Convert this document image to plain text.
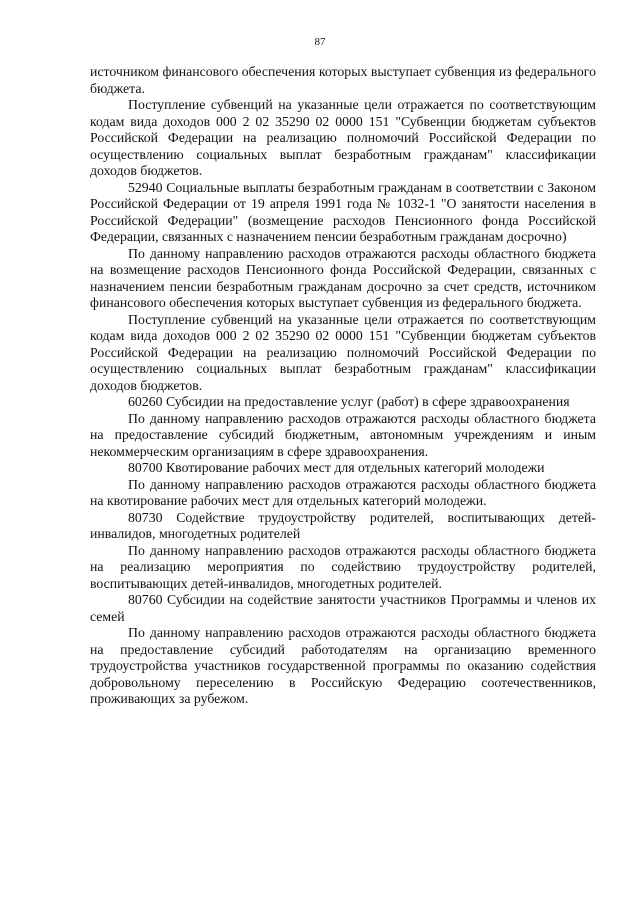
87

источником финансового обеспечения которых выступает субвенция из федерального бюджета.

Поступление субвенций на указанные цели отражается по соответствующим кодам вида доходов 000 2 02 35290 02 0000 151 "Субвенции бюджетам субъектов Российской Федерации на реализацию полномочий Российской Федерации по осуществлению социальных выплат безработным гражданам" классификации доходов бюджетов.

52940 Социальные выплаты безработным гражданам в соответствии с Законом Российской Федерации от 19 апреля 1991 года № 1032-1 "О занятости населения в Российской Федерации" (возмещение расходов Пенсионного фонда Российской Федерации, связанных с назначением пенсии безработным гражданам досрочно)

По данному направлению расходов отражаются расходы областного бюджета на возмещение расходов Пенсионного фонда Российской Федерации, связанных с назначением пенсии безработным гражданам досрочно за счет средств, источником финансового обеспечения которых выступает субвенция из федерального бюджета.

Поступление субвенций на указанные цели отражается по соответствующим кодам вида доходов 000 2 02 35290 02 0000 151 "Субвенции бюджетам субъектов Российской Федерации на реализацию полномочий Российской Федерации по осуществлению социальных выплат безработным гражданам" классификации доходов бюджетов.

60260 Субсидии на предоставление услуг (работ) в сфере здравоохранения

По данному направлению расходов отражаются расходы областного бюджета на предоставление субсидий бюджетным, автономным учреждениям и иным некоммерческим организациям в сфере здравоохранения.

80700 Квотирование рабочих мест для отдельных категорий молодежи

По данному направлению расходов отражаются расходы областного бюджета на квотирование рабочих мест для отдельных категорий молодежи.

80730 Содействие трудоустройству родителей, воспитывающих детей-инвалидов, многодетных родителей

По данному направлению расходов отражаются расходы областного бюджета на реализацию мероприятия по содействию трудоустройству родителей, воспитывающих детей-инвалидов, многодетных родителей.

80760 Субсидии на содействие занятости участников Программы и членов их семей

По данному направлению расходов отражаются расходы областного бюджета на предоставление субсидий работодателям на организацию временного трудоустройства участников государственной программы по оказанию содействия добровольному переселению в Российскую Федерацию соотечественников, проживающих за рубежом.
